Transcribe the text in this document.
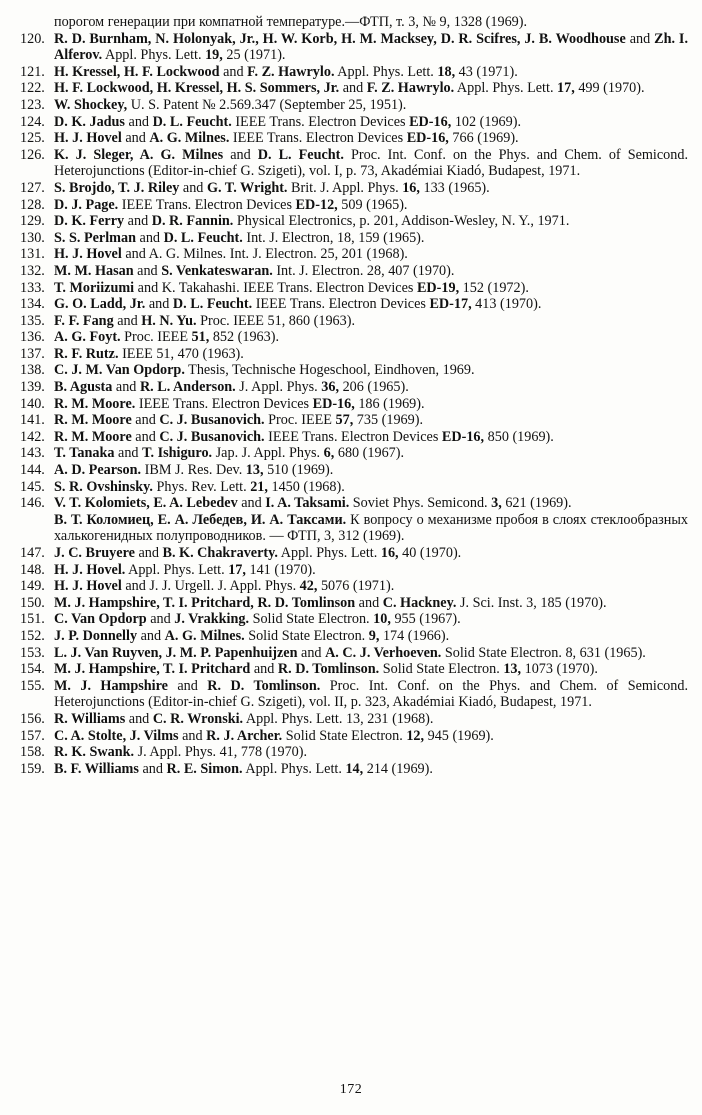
порогом генерации при компатной температуре.—ФТП, т. 3, № 9, 1328 (1969).
120. R. D. Burnham, N. Holonyak, Jr., H. W. Korb, H. M. Macksey, D. R. Scifres, J. B. Woodhouse and Zh. I. Alferov. Appl. Phys. Lett. 19, 25 (1971).
121. H. Kressel, H. F. Lockwood and F. Z. Hawrylo. Appl. Phys. Lett. 18, 43 (1971).
122. H. F. Lockwood, H. Kressel, H. S. Sommers, Jr. and F. Z. Hawrylo. Appl. Phys. Lett. 17, 499 (1970).
123. W. Shockey, U. S. Patent № 2.569.347 (September 25, 1951).
124. D. K. Jadus and D. L. Feucht. IEEE Trans. Electron Devices ED-16, 102 (1969).
125. H. J. Hovel and A. G. Milnes. IEEE Trans. Electron Devices ED-16, 766 (1969).
126. K. J. Sleger, A. G. Milnes and D. L. Feucht. Proc. Int. Conf. on the Phys. and Chem. of Semicond. Heterojunctions (Editor-in-chief G. Szigeti), vol. I, p. 73, Akadémiai Kiadó, Budapest, 1971.
127. S. Brojdo, T. J. Riley and G. T. Wright. Brit. J. Appl. Phys. 16, 133 (1965).
128. D. J. Page. IEEE Trans. Electron Devices ED-12, 509 (1965).
129. D. K. Ferry and D. R. Fannin. Physical Electronics, p. 201, Addison-Wesley, N. Y., 1971.
130. S. S. Perlman and D. L. Feucht. Int. J. Electron, 18, 159 (1965).
131. H. J. Hovel and A. G. Milnes. Int. J. Electron. 25, 201 (1968).
132. M. M. Hasan and S. Venkateswaran. Int. J. Electron. 28, 407 (1970).
133. T. Moriizumi and K. Takahashi. IEEE Trans. Electron Devices ED-19, 152 (1972).
134. G. O. Ladd, Jr. and D. L. Feucht. IEEE Trans. Electron Devices ED-17, 413 (1970).
135. F. F. Fang and H. N. Yu. Proc. IEEE 51, 860 (1963).
136. A. G. Foyt. Proc. IEEE 51, 852 (1963).
137. R. F. Rutz. IEEE 51, 470 (1963).
138. C. J. M. Van Opdorp. Thesis, Technische Hogeschool, Eindhoven, 1969.
139. B. Agusta and R. L. Anderson. J. Appl. Phys. 36, 206 (1965).
140. R. M. Moore. IEEE Trans. Electron Devices ED-16, 186 (1969).
141. R. M. Moore and C. J. Busanovich. Proc. IEEE 57, 735 (1969).
142. R. M. Moore and C. J. Busanovich. IEEE Trans. Electron Devices ED-16, 850 (1969).
143. T. Tanaka and T. Ishiguro. Jap. J. Appl. Phys. 6, 680 (1967).
144. A. D. Pearson. IBM J. Res. Dev. 13, 510 (1969).
145. S. R. Ovshinsky. Phys. Rev. Lett. 21, 1450 (1968).
146. V. T. Kolomiets, E. A. Lebedev and I. A. Taksami. Soviet Phys. Semicond. 3, 621 (1969).
В. Т. Коломиец, Е. А. Лебедев, И. А. Таксами. К вопросу о механизме пробоя в слоях стеклообразных халькогенидных полупроводников. — ФТП, 3, 312 (1969).
147. J. C. Bruyere and B. K. Chakraverty. Appl. Phys. Lett. 16, 40 (1970).
148. H. J. Hovel. Appl. Phys. Lett. 17, 141 (1970).
149. H. J. Hovel and J. J. Urgell. J. Appl. Phys. 42, 5076 (1971).
150. M. J. Hampshire, T. I. Pritchard, R. D. Tomlinson and C. Hackney. J. Sci. Inst. 3, 185 (1970).
151. C. Van Opdorp and J. Vrakking. Solid State Electron. 10, 955 (1967).
152. J. P. Donnelly and A. G. Milnes. Solid State Electron. 9, 174 (1966).
153. L. J. Van Ruyven, J. M. P. Papenhuijzen and A. C. J. Verhoeven. Solid State Electron. 8, 631 (1965).
154. M. J. Hampshire, T. I. Pritchard and R. D. Tomlinson. Solid State Electron. 13, 1073 (1970).
155. M. J. Hampshire and R. D. Tomlinson. Proc. Int. Conf. on the Phys. and Chem. of Semicond. Heterojunctions (Editor-in-chief G. Szigeti), vol. II, p. 323, Akadémiai Kiadó, Budapest, 1971.
156. R. Williams and C. R. Wronski. Appl. Phys. Lett. 13, 231 (1968).
157. C. A. Stolte, J. Vilms and R. J. Archer. Solid State Electron. 12, 945 (1969).
158. R. K. Swank. J. Appl. Phys. 41, 778 (1970).
159. B. F. Williams and R. E. Simon. Appl. Phys. Lett. 14, 214 (1969).
172
